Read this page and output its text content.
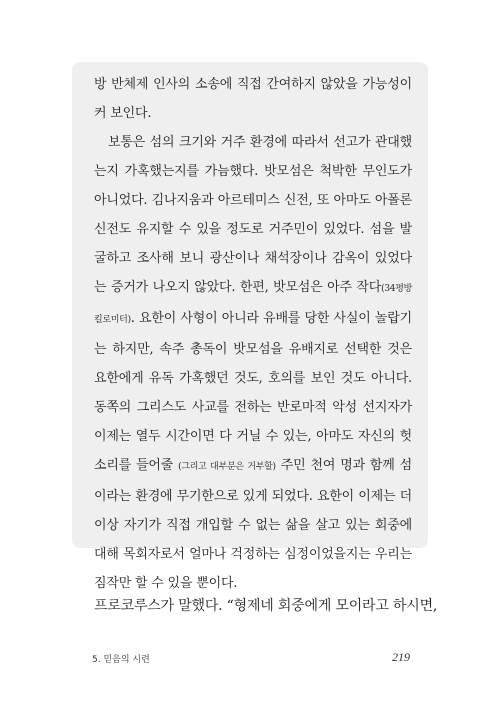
방 반체제 인사의 소송에 직접 간여하지 않았을 가능성이 커 보인다.

보통은 섬의 크기와 거주 환경에 따라서 선고가 관대했는지 가혹했는지를 가늠했다. 밧모섬은 척박한 무인도가 아니었다. 김나지움과 아르테미스 신전, 또 아마도 아폴론 신전도 유지할 수 있을 정도로 거주민이 있었다. 섬을 발굴하고 조사해 보니 광산이나 채석장이나 감옥이 있었다는 증거가 나오지 않았다. 한편, 밧모섬은 아주 작다(34평방킬로미터). 요한이 사형이 아니라 유배를 당한 사실이 놀랍기는 하지만, 속주 총독이 밧모섬을 유배지로 선택한 것은 요한에게 유독 가혹했던 것도, 호의를 보인 것도 아니다. 동쪽의 그리스도 사교를 전하는 반로마적 악성 선지자가 이제는 열두 시간이면 다 거닐 수 있는, 아마도 자신의 헛소리를 들어줄 (그리고 대부분은 거부할) 주민 천여 명과 함께 섬이라는 환경에 무기한으로 있게 되었다. 요한이 이제는 더 이상 자기가 직접 개입할 수 없는 삶을 살고 있는 회중에 대해 목회자로서 얼마나 걱정하는 심정이었을지는 우리는 짐작만 할 수 있을 뿐이다.

프로코루스가 말했다. “형제네 회중에게 모이라고 하시면,
5. 믿음의 시련	219
